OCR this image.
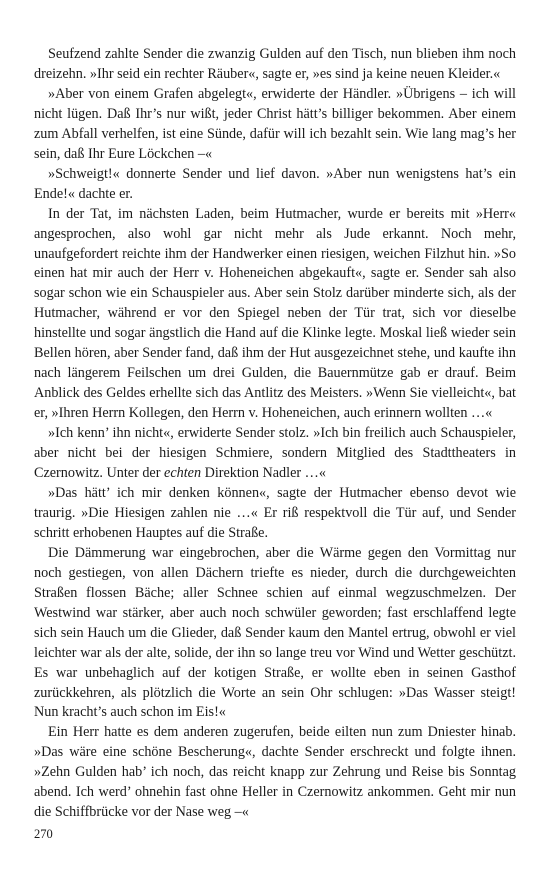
Seufzend zahlte Sender die zwanzig Gulden auf den Tisch, nun blieben ihm noch dreizehn. »Ihr seid ein rechter Räuber«, sagte er, »es sind ja keine neuen Kleider.«

»Aber von einem Grafen abgelegt«, erwiderte der Händler. »Übrigens – ich will nicht lügen. Daß Ihr’s nur wißt, jeder Christ hätt’s billiger bekommen. Aber einem zum Abfall verhelfen, ist eine Sünde, dafür will ich bezahlt sein. Wie lang mag’s her sein, daß Ihr Eure Löckchen –«

»Schweigt!« donnerte Sender und lief davon. »Aber nun wenigstens hat’s ein Ende!« dachte er.

In der Tat, im nächsten Laden, beim Hutmacher, wurde er bereits mit »Herr« angesprochen, also wohl gar nicht mehr als Jude erkannt. Noch mehr, unaufgefordert reichte ihm der Handwerker einen riesigen, weichen Filzhut hin. »So einen hat mir auch der Herr v. Hoheneichen abgekauft«, sagte er. Sender sah also sogar schon wie ein Schauspieler aus. Aber sein Stolz darüber minderte sich, als der Hutmacher, während er vor den Spiegel neben der Tür trat, sich vor dieselbe hinstellte und sogar ängstlich die Hand auf die Klinke legte. Moskal ließ wieder sein Bellen hören, aber Sender fand, daß ihm der Hut ausgezeichnet stehe, und kaufte ihn nach längerem Feilschen um drei Gulden, die Bauernmütze gab er drauf. Beim Anblick des Geldes erhellte sich das Antlitz des Meisters. »Wenn Sie vielleicht«, bat er, »Ihren Herrn Kollegen, den Herrn v. Hoheneichen, auch erinnern wollten …«

»Ich kenn’ ihn nicht«, erwiderte Sender stolz. »Ich bin freilich auch Schauspieler, aber nicht bei der hiesigen Schmiere, sondern Mitglied des Stadttheaters in Czernowitz. Unter der echten Direktion Nadler …«

»Das hätt’ ich mir denken können«, sagte der Hutmacher ebenso devot wie traurig. »Die Hiesigen zahlen nie …« Er riß respektvoll die Tür auf, und Sender schritt erhobenen Hauptes auf die Straße.

Die Dämmerung war eingebrochen, aber die Wärme gegen den Vormittag nur noch gestiegen, von allen Dächern triefte es nieder, durch die durchgeweichten Straßen flossen Bäche; aller Schnee schien auf einmal wegzuschmelzen. Der Westwind war stärker, aber auch noch schwüler geworden; fast erschlaffend legte sich sein Hauch um die Glieder, daß Sender kaum den Mantel ertrug, obwohl er viel leichter war als der alte, solide, der ihn so lange treu vor Wind und Wetter geschützt. Es war unbehaglich auf der kotigen Straße, er wollte eben in seinen Gasthof zurückkehren, als plötzlich die Worte an sein Ohr schlugen: »Das Wasser steigt! Nun kracht’s auch schon im Eis!«

Ein Herr hatte es dem anderen zugerufen, beide eilten nun zum Dniester hinab. »Das wäre eine schöne Bescherung«, dachte Sender erschreckt und folgte ihnen. »Zehn Gulden hab’ ich noch, das reicht knapp zur Zehrung und Reise bis Sonntag abend. Ich werd’ ohnehin fast ohne Heller in Czernowitz ankommen. Geht mir nun die Schiffbrücke vor der Nase weg –«

270
